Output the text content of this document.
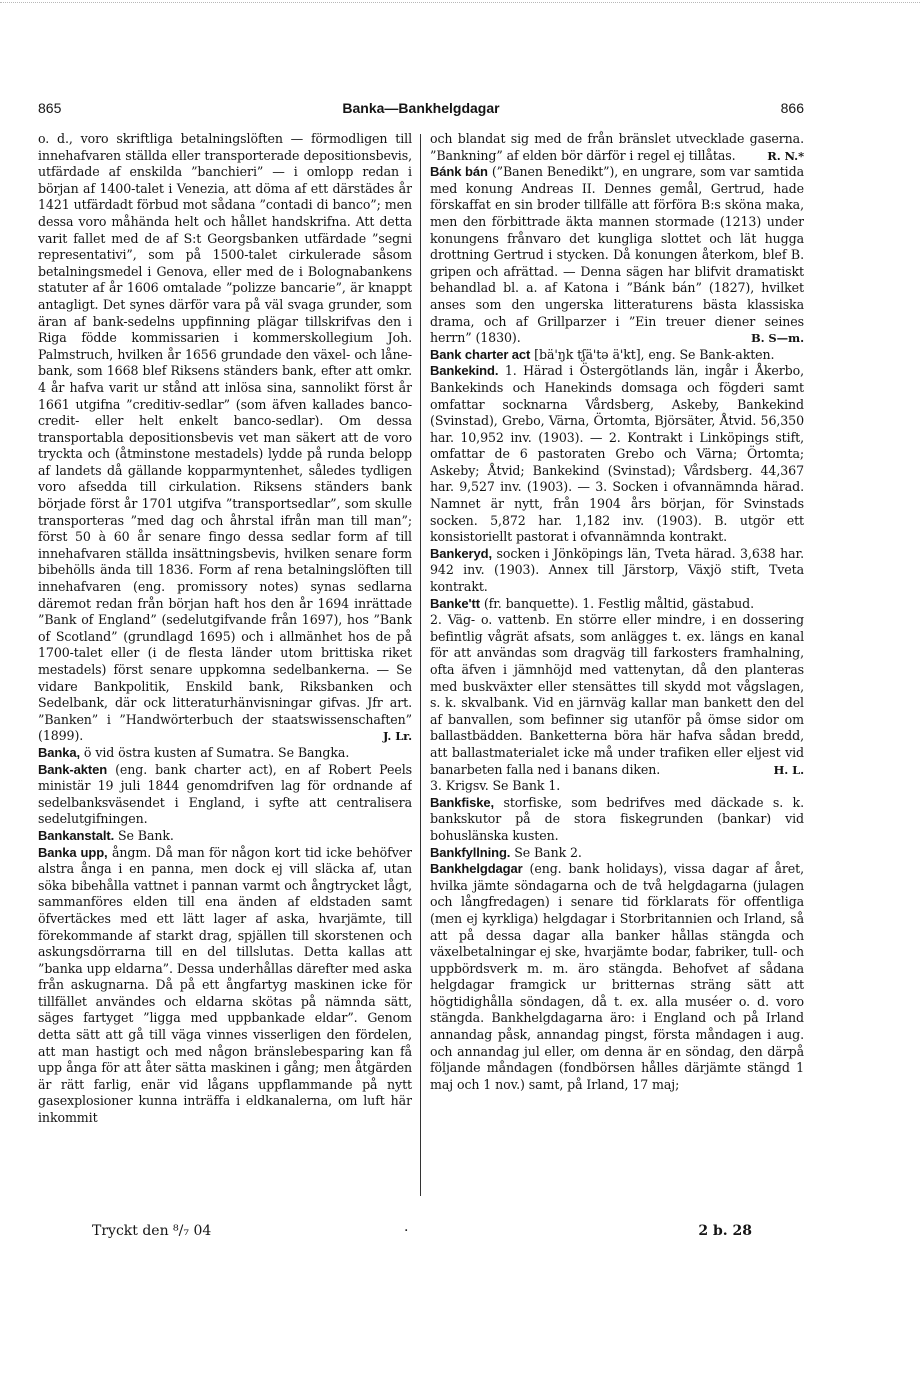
865	Banka—Bankhelgdagar	866

o. d., voro skriftliga betalningslöften — förmodligen till innehafvaren ställda eller transporterade depositionsbevis, utfärdade af enskilda ”banchieri” — i omlopp redan i början af 1400-talet i Venezia, att döma af ett därstädes år 1421 utfärdadt förbud mot sådana ”contadi di banco”; men dessa voro måhända helt och hållet handskrifna. Att detta varit fallet med de af S:t Georgsbanken utfärdade ”segni representativi”, som på 1500-talet cirkulerade såsom betalningsmedel i Genova, eller med de i Bolognabankens statuter af år 1606 omtalade ”polizze bancarie”, är knappt antagligt. Det synes därför vara på väl svaga grunder, som äran af bank-sedelns uppfinning plägar tillskrifvas den i Riga födde kommissarien i kommerskollegium Joh. Palmstruch, hvilken år 1656 grundade den växel- och låne-bank, som 1668 blef Riksens ständers bank, efter att omkr. 4 år hafva varit ur stånd att inlösa sina, sannolikt först år 1661 utgifna ”creditiv-sedlar” (som äfven kallades banco-credit- eller helt enkelt banco-sedlar). Om dessa transportabla depositionsbevis vet man säkert att de voro tryckta och (åtminstone mestadels) lydde på runda belopp af landets då gällande kopparmyntenhet, således tydligen voro afsedda till cirkulation. Riksens ständers bank började först år 1701 utgifva ”transportsedlar”, som skulle transporteras ”med dag och åhrstal ifrån man till man”; först 50 à 60 år senare fingo dessa sedlar form af till innehafvaren ställda insättningsbevis, hvilken senare form bibehölls ända till 1836. Form af rena betalningslöften till innehafvaren (eng. promissory notes) synas sedlarna däremot redan från början haft hos den år 1694 inrättade ”Bank of England” (sedelutgifvande från 1697), hos ”Bank of Scotland” (grundlagd 1695) och i allmänhet hos de på 1700-talet eller (i de flesta länder utom brittiska riket mestadels) först senare uppkomna sedelbankerna. — Se vidare Bankpolitik, Enskild bank, Riksbanken och Sedelbank, där ock litteraturhänvisningar gifvas. Jfr art. ”Banken” i ”Handwörterbuch der staatswissenschaften” (1899).	J. Lr.

Banka, ö vid östra kusten af Sumatra. Se Bangka.

Bank-akten (eng. bank charter act), en af Robert Peels ministär 19 juli 1844 genomdrifven lag för ordnande af sedelbanksväsendet i England, i syfte att centralisera sedelutgifningen.

Bankanstalt. Se Bank.

Banka upp, ångm. Då man för någon kort tid icke behöfver alstra ånga i en panna, men dock ej vill släcka af, utan söka bibehålla vattnet i pannan varmt och ångtrycket lågt, sammanföres elden till ena änden af eldstaden samt öfvertäckes med ett lätt lager af aska, hvarjämte, till förekommande af starkt drag, spjällen till skorstenen och askungsdörrarna till en del tillslutas. Detta kallas att ”banka upp eldarna”. Dessa underhållas därefter med aska från askugnarna. Då på ett ångfartyg maskinen icke för tillfället användes och eldarna skötas på nämnda sätt, säges fartyget ”ligga med uppbankade eldar”. Genom detta sätt att gå till väga vinnes visserligen den fördelen, att man hastigt och med någon bränslebesparing kan få upp ånga för att åter sätta maskinen i gång; men åtgärden är rätt farlig, enär vid lågans uppflammande på nytt gasexplosioner kunna inträffa i eldkanalerna, om luft här inkommit

och blandat sig med de från bränslet utvecklade gaserna. ”Bankning” af elden bör därför i regel ej tillåtas.	R. N.*

Bánk bán (”Banen Benedikt”), en ungrare, som var samtida med konung Andreas II. Dennes gemål, Gertrud, hade förskaffat en sin broder tillfälle att förföra B:s sköna maka, men den förbittrade äkta mannen stormade (1213) under konungens frånvaro det kungliga slottet och lät hugga drottning Gertrud i stycken. Då konungen återkom, blef B. gripen och afrättad. — Denna sägen har blifvit dramatiskt behandlad bl. a. af Katona i ”Bánk bán” (1827), hvilket anses som den ungerska litteraturens bästa klassiska drama, och af Grillparzer i ”Ein treuer diener seines herrn” (1830).	B. S—m.

Bank charter act [bä'ŋk tʃä'tə ä'kt], eng. Se Bank-akten.

Bankekind. 1. Härad i Östergötlands län, ingår i Åkerbo, Bankekinds och Hanekinds domsaga och fögderi samt omfattar socknarna Vårdsberg, Askeby, Bankekind (Svinstad), Grebo, Värna, Örtomta, Björsäter, Åtvid. 56,350 har. 10,952 inv. (1903). — 2. Kontrakt i Linköpings stift, omfattar de 6 pastoraten Grebo och Värna; Örtomta; Askeby; Åtvid; Bankekind (Svinstad); Vårdsberg. 44,367 har. 9,527 inv. (1903). — 3. Socken i ofvannämnda härad. Namnet är nytt, från 1904 års början, för Svinstads socken. 5,872 har. 1,182 inv. (1903). B. utgör ett konsistoriellt pastorat i ofvannämnda kontrakt.

Bankeryd, socken i Jönköpings län, Tveta härad. 3,638 har. 942 inv. (1903). Annex till Järstorp, Växjö stift, Tveta kontrakt.

Banke'tt (fr. banquette). 1. Festlig måltid, gästabud.

2. Väg- o. vattenb. En större eller mindre, i en dossering befintlig vågrät afsats, som anlägges t. ex. längs en kanal för att användas som dragväg till farkosters framhalning, ofta äfven i jämnhöjd med vattenytan, då den planteras med buskväxter eller stensättes till skydd mot vågslagen, s. k. skvalbank. Vid en järnväg kallar man bankett den del af banvallen, som befinner sig utanför på ömse sidor om ballastbädden. Banketterna böra här hafva sådan bredd, att ballastmaterialet icke må under trafiken eller eljest vid banarbeten falla ned i banans diken.	H. L.

3. Krigsv. Se Bank 1.

Bankfiske, storfiske, som bedrifves med däckade s. k. bankskutor på de stora fiskegrunden (bankar) vid bohuslänska kusten.

Bankfyllning. Se Bank 2.

Bankhelgdagar (eng. bank holidays), vissa dagar af året, hvilka jämte söndagarna och de två helgdagarna (julagen och långfredagen) i senare tid förklarats för offentliga (men ej kyrkliga) helgdagar i Storbritannien och Irland, så att på dessa dagar alla banker hållas stängda och växelbetalningar ej ske, hvarjämte bodar, fabriker, tull- och uppbördsverk m. m. äro stängda. Behofvet af sådana helgdagar framgick ur britternas sträng sätt att högtidighålla söndagen, då t. ex. alla muséer o. d. voro stängda. Bankhelgdagarna äro: i England och på Irland annandag påsk, annandag pingst, första måndagen i aug. och annandag jul eller, om denna är en söndag, den därpå följande måndagen (fondbörsen hålles därjämte stängd 1 maj och 1 nov.) samt, på Irland, 17 maj;

Tryckt den ⁸/₇ 04	·	2 b. 28
